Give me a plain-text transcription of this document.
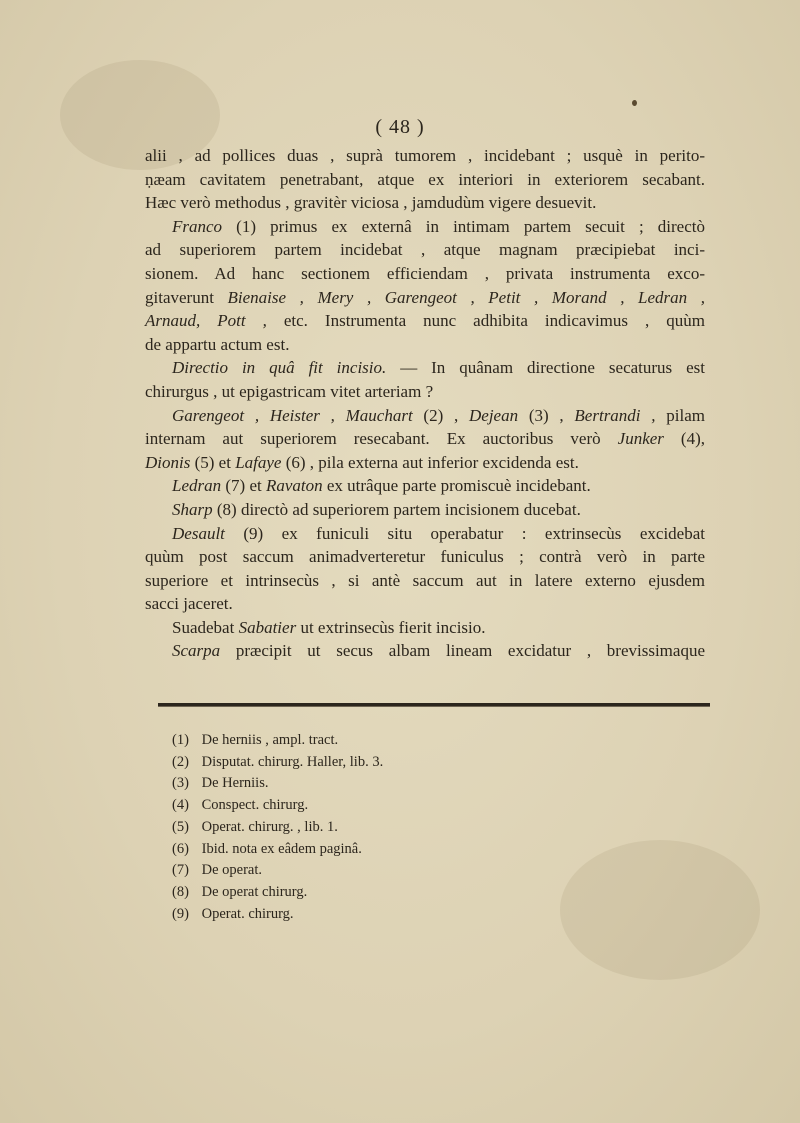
( 48 )
alii , ad pollices duas , suprà tumorem , incidebant ; usquè in perito-
ṇæam cavitatem penetrabant, atque ex interiori in exteriorem secabant.
Hæc verò methodus , gravitèr viciosa , jamdudùm vigere desuevit.
Franco (1) primus ex externâ in intimam partem secuit ; directò
ad superiorem partem incidebat , atque magnam præcipiebat inci-
sionem. Ad hanc sectionem efficiendam , privata instrumenta exco-
gitaverunt Bienaise , Mery , Garengeot , Petit , Morand , Ledran ,
Arnaud, Pott , etc. Instrumenta nunc adhibita indicavimus , quùm
de appartu actum est.
Directio in quâ fit incisio. — In quânam directione secaturus est
chirurgus , ut epigastricam vitet arteriam ?
Garengeot , Heister , Mauchart (2) , Dejean (3) , Bertrandi , pilam
internam aut superiorem resecabant. Ex auctoribus verò Junker (4),
Dionis (5) et Lafaye (6) , pila externa aut inferior excidenda est.
Ledran (7) et Ravaton ex utrâque parte promiscuè incidebant.
Sharp (8) directò ad superiorem partem incisionem ducebat.
Desault (9) ex funiculi situ operabatur : extrinsecùs excidebat
quùm post saccum animadverteretur funiculus ; contrà verò in parte
superiore et intrinsecùs , si antè saccum aut in latere externo ejusdem
sacci jaceret.
Suadebat Sabatier ut extrinsecùs fierit incisio.
Scarpa præcipit ut secus albam lineam excidatur , brevissimaque
(1) De herniis , ampl. tract.
(2) Disputat. chirurg. Haller, lib. 3.
(3) De Herniis.
(4) Conspect. chirurg.
(5) Operat. chirurg. , lib. 1.
(6) Ibid. nota ex eâdem paginâ.
(7) De operat.
(8) De operat chirurg.
(9) Operat. chirurg.
